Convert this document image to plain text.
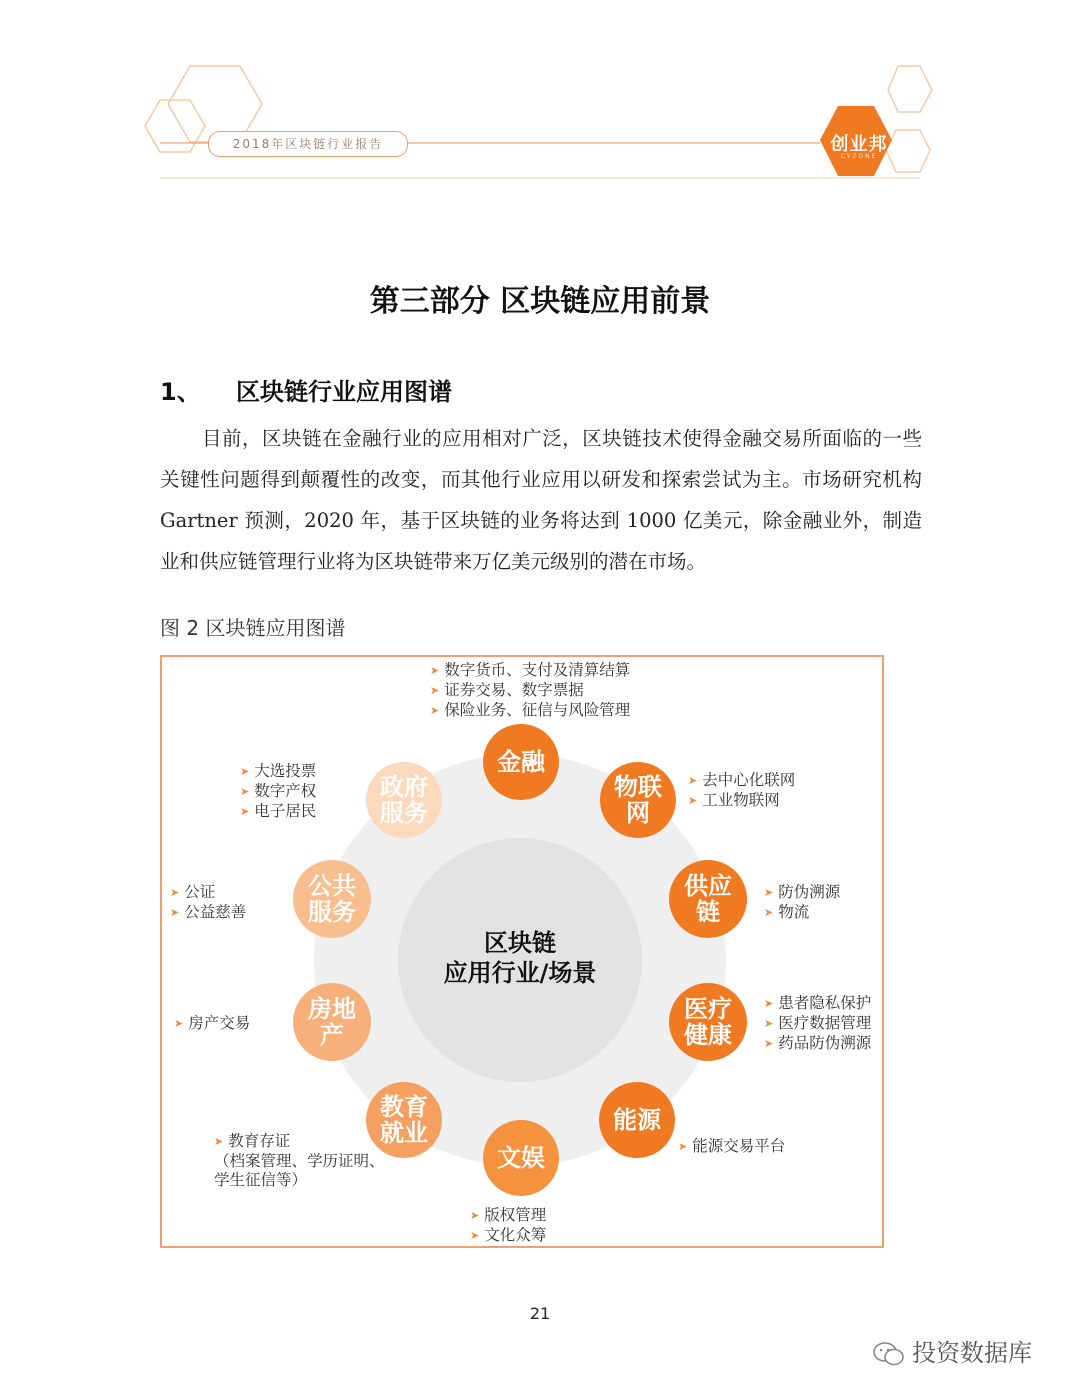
2018年区块链行业报告	创业邦
CYZONE
第三部分 区块链应用前景
1、 区块链行业应用图谱
目前，区块链在金融行业的应用相对广泛，区块链技术使得金融交易所面临的一些关键性问题得到颠覆性的改变，而其他行业应用以研发和探索尝试为主。市场研究机构 Gartner 预测，2020 年，基于区块链的业务将达到 1000 亿美元，除金融业外，制造业和供应链管理行业将为区块链带来万亿美元级别的潜在市场。
图 2 区块链应用图谱
区块链
应用行业/场景
金融
➤ 数字货币、支付及清算结算
➤ 证券交易、数字票据
➤ 保险业务、征信与风险管理
物联
网
➤ 去中心化联网
➤ 工业物联网
供应
链
➤ 防伪溯源
➤ 物流
医疗
健康
➤ 患者隐私保护
➤ 医疗数据管理
➤ 药品防伪溯源
能源
➤ 能源交易平台
文娱
➤ 版权管理
➤ 文化众筹
教育
就业
➤ 教育存证
（档案管理、学历证明、
学生征信等）
房地
产
➤ 房产交易
公共
服务
➤ 公证
➤ 公益慈善
政府
服务
➤ 大选投票
➤ 数字产权
➤ 电子居民
21
投资数据库
